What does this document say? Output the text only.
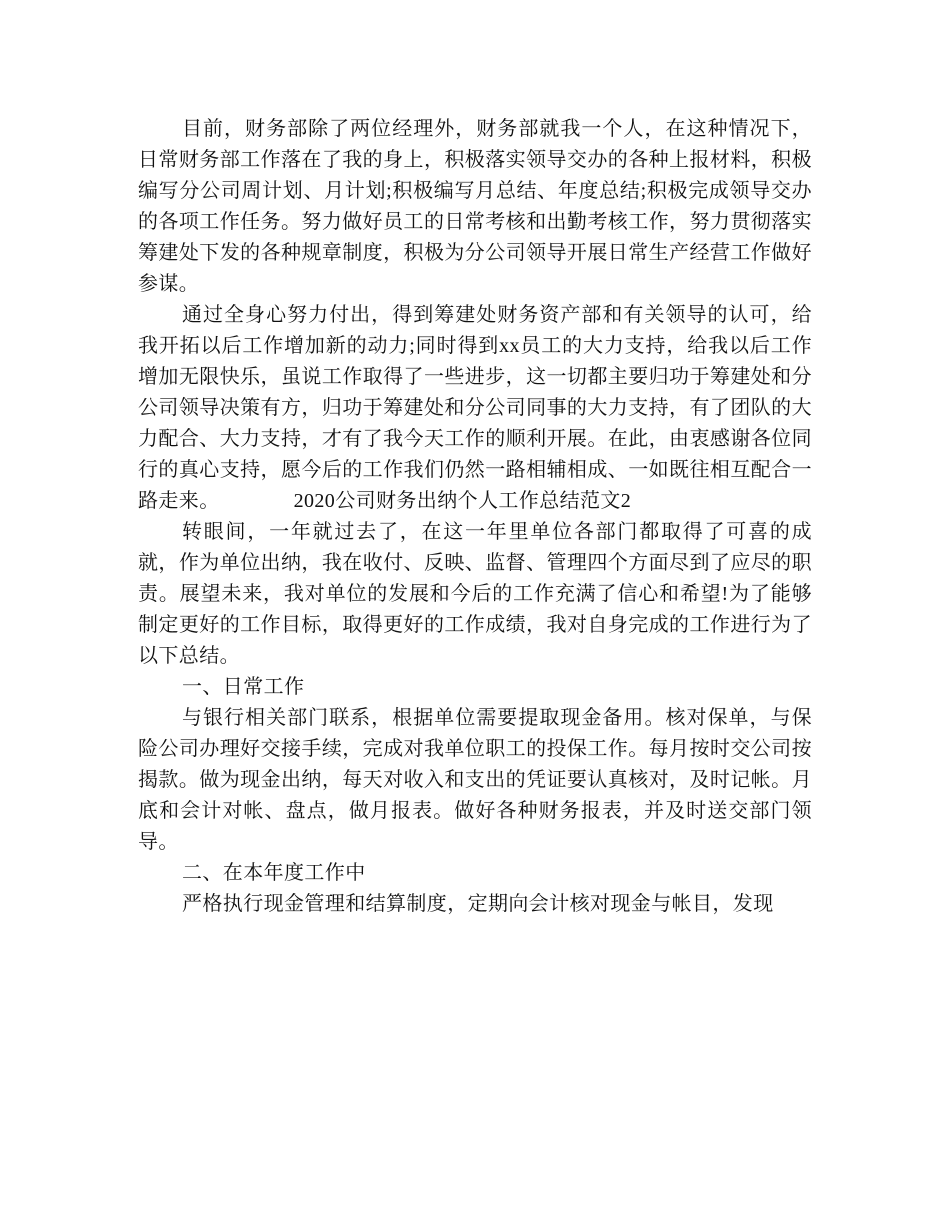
目前，财务部除了两位经理外，财务部就我一个人，在这种情况下，日常财务部工作落在了我的身上，积极落实领导交办的各种上报材料，积极编写分公司周计划、月计划;积极编写月总结、年度总结;积极完成领导交办的各项工作任务。努力做好员工的日常考核和出勤考核工作，努力贯彻落实筹建处下发的各种规章制度，积极为分公司领导开展日常生产经营工作做好参谋。

通过全身心努力付出，得到筹建处财务资产部和有关领导的认可，给我开拓以后工作增加新的动力;同时得到xx员工的大力支持，给我以后工作增加无限快乐，虽说工作取得了一些进步，这一切都主要归功于筹建处和分公司领导决策有方，归功于筹建处和分公司同事的大力支持，有了团队的大力配合、大力支持，才有了我今天工作的顺利开展。在此，由衷感谢各位同行的真心支持，愿今后的工作我们仍然一路相辅相成、一如既往相互配合一路走来。	2020公司财务出纳个人工作总结范文2

转眼间，一年就过去了，在这一年里单位各部门都取得了可喜的成就，作为单位出纳，我在收付、反映、监督、管理四个方面尽到了应尽的职责。展望未来，我对单位的发展和今后的工作充满了信心和希望!为了能够制定更好的工作目标，取得更好的工作成绩，我对自身完成的工作进行为了以下总结。

一、日常工作

与银行相关部门联系，根据单位需要提取现金备用。核对保单，与保险公司办理好交接手续，完成对我单位职工的投保工作。每月按时交公司按揭款。做为现金出纳，每天对收入和支出的凭证要认真核对，及时记帐。月底和会计对帐、盘点，做月报表。做好各种财务报表，并及时送交部门领导。

二、在本年度工作中

严格执行现金管理和结算制度，定期向会计核对现金与帐目，发现
